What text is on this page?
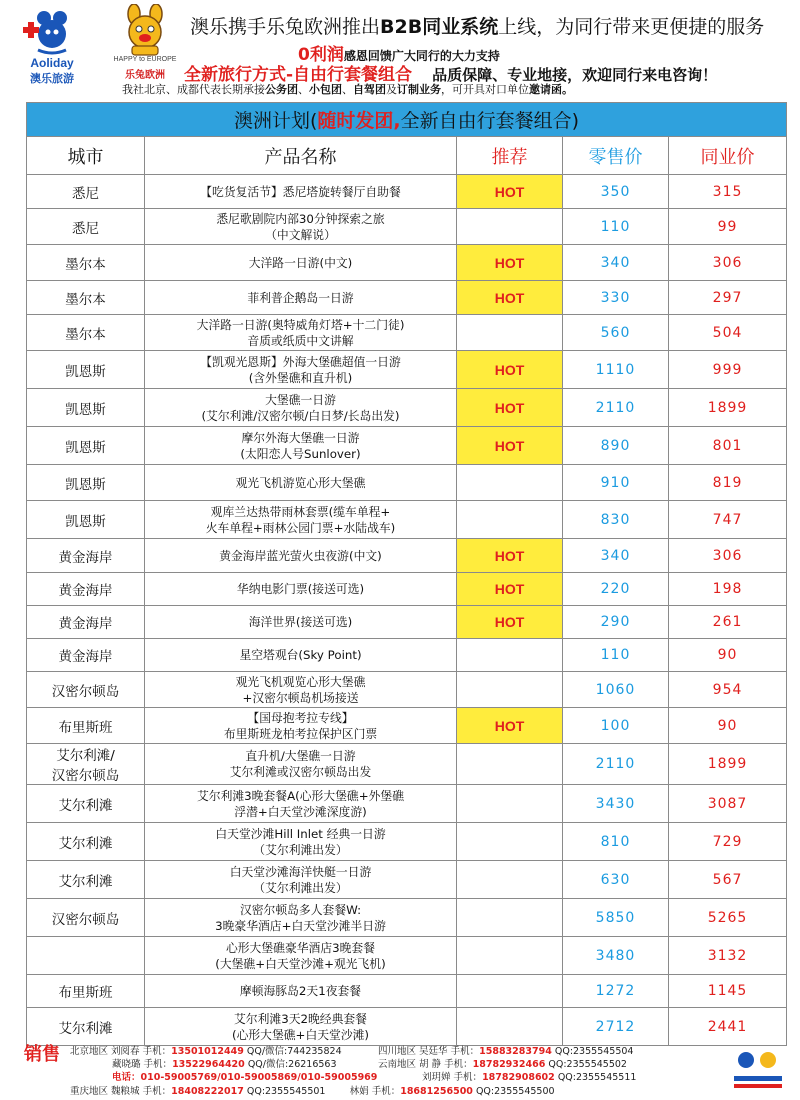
Aoliday
澳乐旅游
HAPPY to EUROPE
乐兔欧洲
澳乐携手乐兔欧洲推出B2B同业系统上线，为同行带来更便捷的服务
0利润感恩回馈广大同行的大力支持
全新旅行方式-自由行套餐组合 品质保障、专业地接，欢迎同行来电咨询！
我社北京、成都代表长期承接公务团、小包团、自驾团及订制业务，可开具对口单位邀请函。
澳洲计划(随时发团,全新自由行套餐组合)				
城市	产品名称	推荐	零售价	同业价
悉尼	【吃货复活节】悉尼塔旋转餐厅自助餐	HOT	350	315
悉尼	悉尼歌剧院内部30分钟探索之旅
（中文解说）		110	99
墨尔本	大洋路一日游(中文)	HOT	340	306
墨尔本	菲利普企鹅岛一日游	HOT	330	297
墨尔本	大洋路一日游(奥特威角灯塔+十二门徒)
音质或纸质中文讲解		560	504
凯恩斯	【凯观光恩斯】外海大堡礁超值一日游
(含外堡礁和直升机)	HOT	1110	999
凯恩斯	大堡礁一日游
(艾尔利滩/汉密尔顿/白日梦/长岛出发)	HOT	2110	1899
凯恩斯	摩尔外海大堡礁一日游
(太阳恋人号Sunlover)	HOT	890	801
凯恩斯	观光飞机游览心形大堡礁		910	819
凯恩斯	观库兰达热带雨林套票(缆车单程+
火车单程+雨林公园门票+水陆战车)		830	747
黄金海岸	黄金海岸蓝光萤火虫夜游(中文)	HOT	340	306
黄金海岸	华纳电影门票(接送可选)	HOT	220	198
黄金海岸	海洋世界(接送可选)	HOT	290	261
黄金海岸	星空塔观台(Sky Point)		110	90
汉密尔顿岛	观光飞机观览心形大堡礁
+汉密尔顿岛机场接送		1060	954
布里斯班	【国母抱考拉专线】
布里斯班龙柏考拉保护区门票	HOT	100	90
艾尔利滩/
汉密尔顿岛	直升机/大堡礁一日游
艾尔利滩或汉密尔顿岛出发		2110	1899
艾尔利滩	艾尔利滩3晚套餐A(心形大堡礁+外堡礁
浮潜+白天堂沙滩深度游)		3430	3087
艾尔利滩	白天堂沙滩Hill Inlet 经典一日游
（艾尔利滩出发）		810	729
艾尔利滩	白天堂沙滩海洋快艇一日游
（艾尔利滩出发）		630	567
汉密尔顿岛	汉密尔顿岛多人套餐W:
3晚豪华酒店+白天堂沙滩半日游		5850	5265

	心形大堡礁豪华酒店3晚套餐
(大堡礁+白天堂沙滩+观光飞机)		3480	3132
布里斯班	摩顿海豚岛2天1夜套餐		1272	1145
艾尔利滩	艾尔利滩3天2晚经典套餐
(心形大堡礁+白天堂沙滩)		2712	2441
销售 北京地区 刘阅春 手机：13501012449 QQ/微信:744235824
藏晓璐 手机：13522964420 QQ/微信:26216563
电话：010-59005769/010-59005869/010-59005969
重庆地区 魏粮城 手机：18408222017 QQ:2355545501	林娟 手机：18681256500 QQ:2355545500
四川地区 吴廷华 手机：15883283794 QQ:2355545504
云南地区 胡 静 手机：18782932466 QQ:2355545502
刘玥婵 手机：18782908602 QQ:2355545511
